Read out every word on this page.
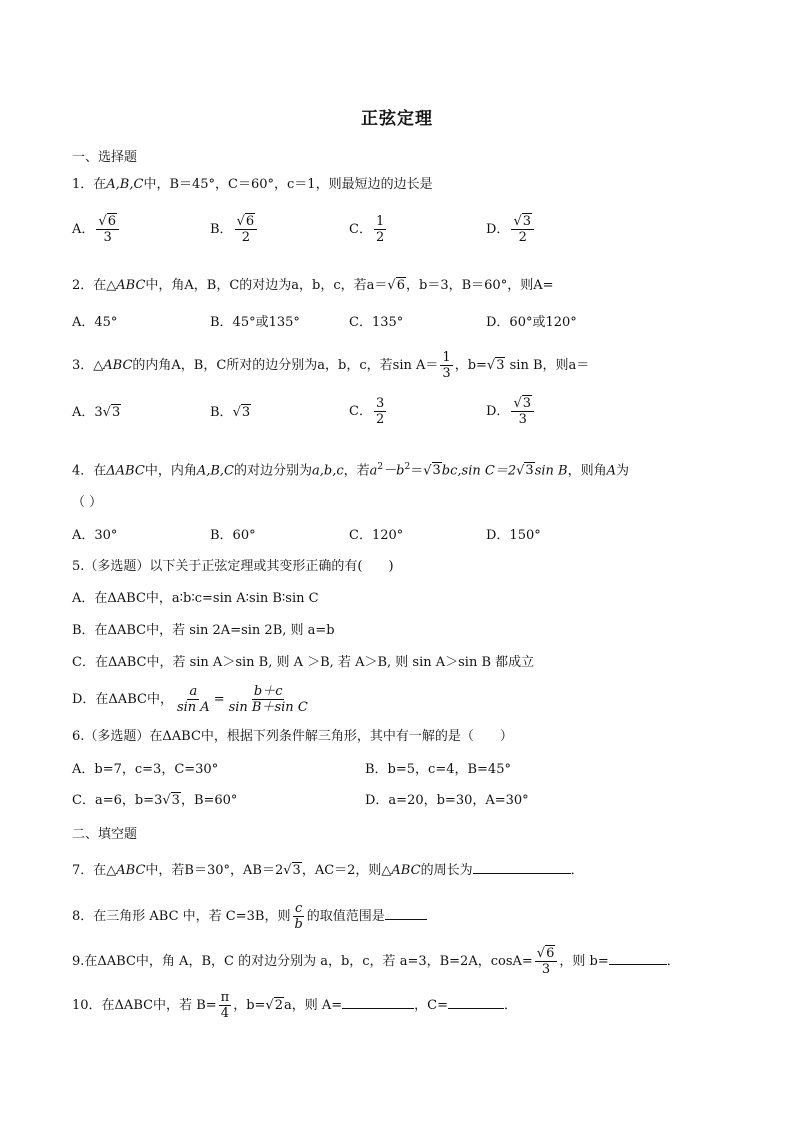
正弦定理
一、选择题
1．在A,B,C中，B＝45°，C＝60°，c＝1，则最短边的边长是
A． $\frac{√6}{3}$	B． $\frac{√6}{2}$	C． $\frac{1}{2}$	D． $\frac{√3}{2}$
2．在△ABC中，角A，B，C的对边为a，b，c，若a＝√6，b＝3，B＝60°，则A=
A．45°	B．45°或135°	C．135°	D．60°或120°
3．△ABC的内角A，B，C所对的边分别为a，b，c，若$\sin A= \frac{1}{3}$ ，b=√3 sin B，则a＝
A．3√3	B．√3	C． $\frac{3}{2}$	D． $\frac{√3}{3}$
4．在ΔABC中，内角A,B,C的对边分别为a,b,c，若$a^2-b^2=√3bc,\sin$ C＝2√3sin B，则角A为
（ ）
A．30°	B．60°	C．120°	D．150°
5.（多选题）以下关于正弦定理或其变形正确的有(　　)
A．在ΔABC中，a∶b∶c=sin A∶sin B∶sin C
B．在ΔABC中，若 sin 2A=sin 2B, 则 a=b
C．在ΔABC中，若 sin A＞sin B, 则 A ＞B, 若 A＞B, 则 sin A＞sin B 都成立
D．在ΔABC中， $\frac{a}{\text{sin A}} = \frac{b+c}{\text{sin B＋sin C}}$
6.（多选题）在ΔABC中，根据下列条件解三角形，其中有一解的是（　　）
A．b=7，c=3，C=30°	B．b=5，c=4，B=45°
C．a=6，b=3√3，B=60°	D．a=20，b=30，A=30°
二、填空题
7．在△ABC中，若B＝30°，AB＝2√3，AC＝2，则△ABC的周长为	．
8．在三角形 ABC 中，若 C=3B，则 $\frac{c}{b}$ 的取值范围是
9.在ΔABC中，角 A，B，C 的对边分别为 a，b，c，若 a=3，B=2A，$\cos A= \frac{√6}{3}$ ，则 b=	．
10．在ΔABC中，若 $B= \frac{\pi}{4}$ ，b=√2a，则 A=	，C=	．
